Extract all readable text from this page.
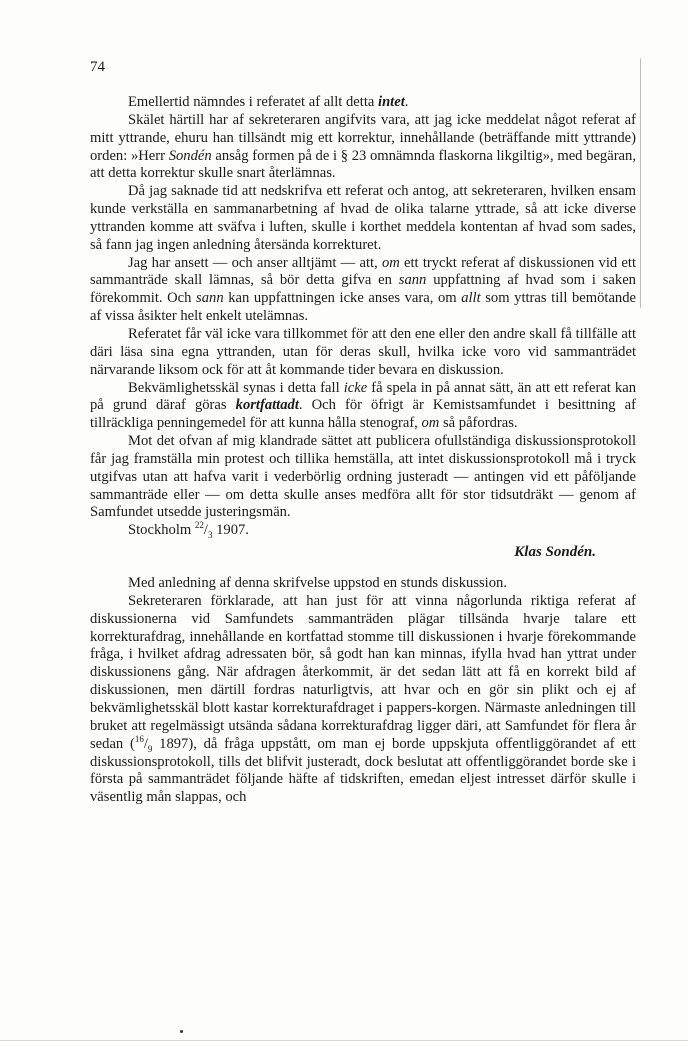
74

Emellertid nämndes i referatet af allt detta intet.

Skälet härtill har af sekreteraren angifvits vara, att jag icke meddelat något referat af mitt yttrande, ehuru han tillsändt mig ett korrektur, innehållande (beträffande mitt yttrande) orden: »Herr Sondén ansåg formen på de i § 23 omnämnda flaskorna likgiltig», med begäran, att detta korrektur skulle snart återlämnas.

Då jag saknade tid att nedskrifva ett referat och antog, att sekreteraren, hvilken ensam kunde verkställa en sammanarbetning af hvad de olika talarne yttrade, så att icke diverse yttranden komme att sväfva i luften, skulle i korthet meddela kontentan af hvad som sades, så fann jag ingen anledning återsända korrekturet.

Jag har ansett — och anser alltjämt — att, om ett tryckt referat af diskussionen vid ett sammanträde skall lämnas, så bör detta gifva en sann uppfattning af hvad som i saken förekommit. Och sann kan uppfattningen icke anses vara, om allt som yttras till bemötande af vissa åsikter helt enkelt utelämnas.

Referatet får väl icke vara tillkommet för att den ene eller den andre skall få tillfälle att däri läsa sina egna yttranden, utan för deras skull, hvilka icke voro vid sammanträdet närvarande liksom ock för att åt kommande tider bevara en diskussion.

Bekvämlighetsskäl synas i detta fall icke få spela in på annat sätt, än att ett referat kan på grund däraf göras kortfattadt. Och för öfrigt är Kemistsamfundet i besittning af tillräckliga penningemedel för att kunna hålla stenograf, om så påfordras.

Mot det ofvan af mig klandrade sättet att publicera ofullständiga diskussionsprotokoll får jag framställa min protest och tillika hemställa, att intet diskussionsprotokoll må i tryck utgifvas utan att hafva varit i vederbörlig ordning justeradt — antingen vid ett påföljande sammanträde eller — om detta skulle anses medföra allt för stor tidsutdräkt — genom af Samfundet utsedde justeringsmän.

Stockholm $^{22}/_3$ 1907.
Klas Sondén.

Med anledning af denna skrifvelse uppstod en stunds diskussion.

Sekreteraren förklarade, att han just för att vinna någorlunda riktiga referat af diskussionerna vid Samfundets sammanträden plägar tillsända hvarje talare ett korrekturafdrag, innehållande en kortfattad stomme till diskussionen i hvarje förekommande fråga, i hvilket afdrag adressaten bör, så godt han kan minnas, ifylla hvad han yttrat under diskussionens gång. När afdragen återkommit, är det sedan lätt att få en korrekt bild af diskussionen, men därtill fordras naturligtvis, att hvar och en gör sin plikt och ej af bekvämlighetsskäl blott kastar korrekturafdraget i pappers-korgen. Närmaste anledningen till bruket att regelmässigt utsända sådana korrekturafdrag ligger däri, att Samfundet för flera år sedan ($^{16}/_9$ 1897), då fråga uppstått, om man ej borde uppskjuta offentliggörandet af ett diskussionsprotokoll, tills det blifvit justeradt, dock beslutat att offentliggörandet borde ske i första på sammanträdet följande häfte af tidskriften, emedan eljest intresset därför skulle i väsentlig mån slappas, och
